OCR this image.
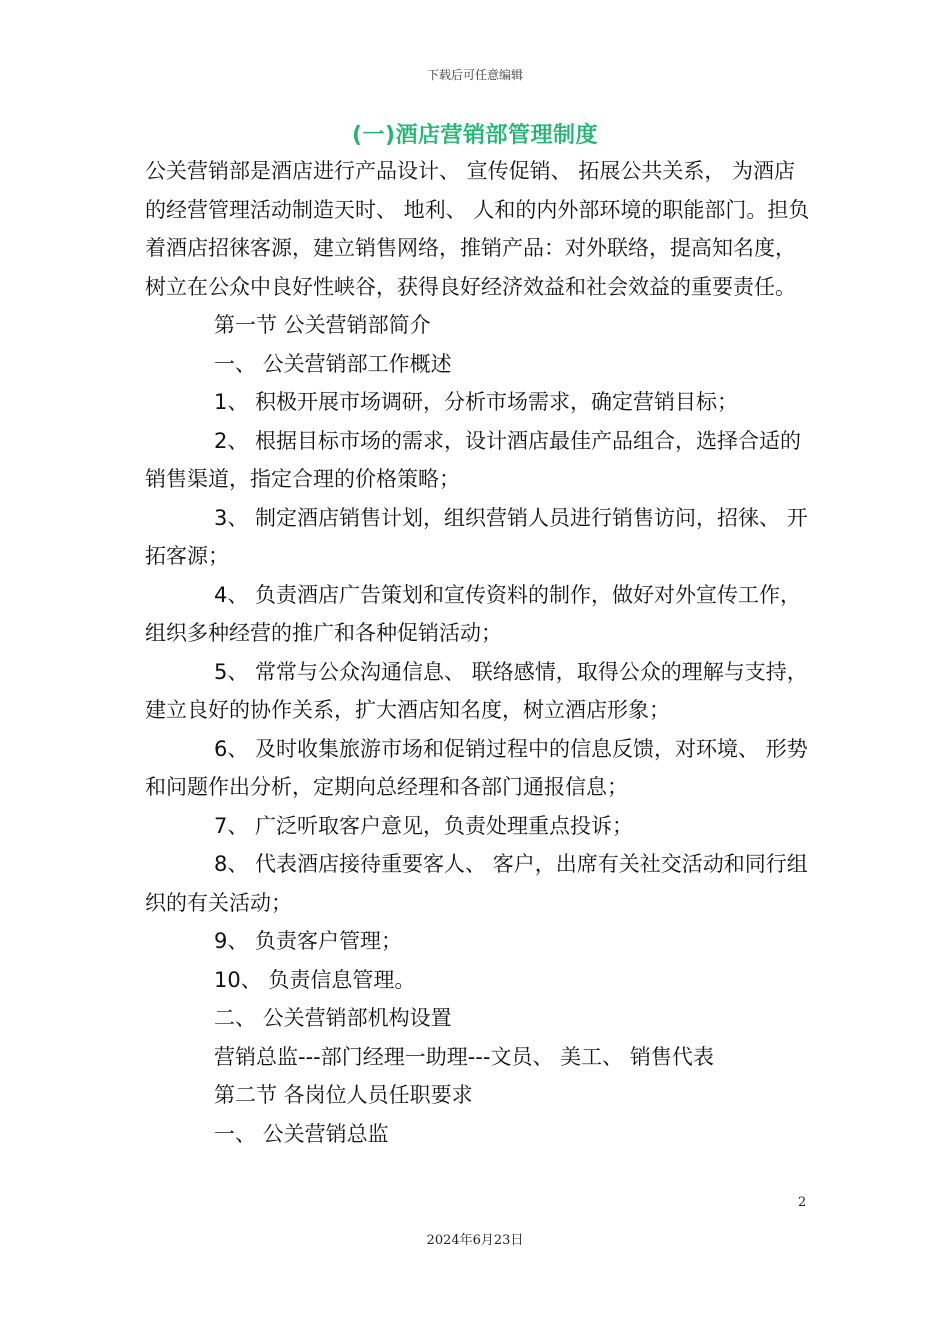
下载后可任意编辑
(一)酒店营销部管理制度

公关营销部是酒店进行产品设计、 宣传促销、 拓展公共关系， 为酒店的经营管理活动制造天时、 地利、 人和的内外部环境的职能部门。担负着酒店招徕客源，建立销售网络，推销产品：对外联络，提高知名度，树立在公众中良好性峡谷，获得良好经济效益和社会效益的重要责任。

第一节 公关营销部简介

一、 公关营销部工作概述

1、 积极开展市场调研，分析市场需求，确定营销目标；

2、 根据目标市场的需求，设计酒店最佳产品组合，选择合适的销售渠道，指定合理的价格策略；

3、 制定酒店销售计划，组织营销人员进行销售访问，招徕、 开拓客源；

4、 负责酒店广告策划和宣传资料的制作，做好对外宣传工作，组织多种经营的推广和各种促销活动；

5、 常常与公众沟通信息、 联络感情，取得公众的理解与支持，建立良好的协作关系，扩大酒店知名度，树立酒店形象；

6、 及时收集旅游市场和促销过程中的信息反馈，对环境、 形势和问题作出分析，定期向总经理和各部门通报信息；

7、 广泛听取客户意见，负责处理重点投诉；

8、 代表酒店接待重要客人、 客户，出席有关社交活动和同行组织的有关活动；

9、 负责客户管理；

10、 负责信息管理。

二、 公关营销部机构设置

营销总监---部门经理一助理---文员、 美工、 销售代表

第二节 各岗位人员任职要求

一、 公关营销总监

2
2024年6月23日
